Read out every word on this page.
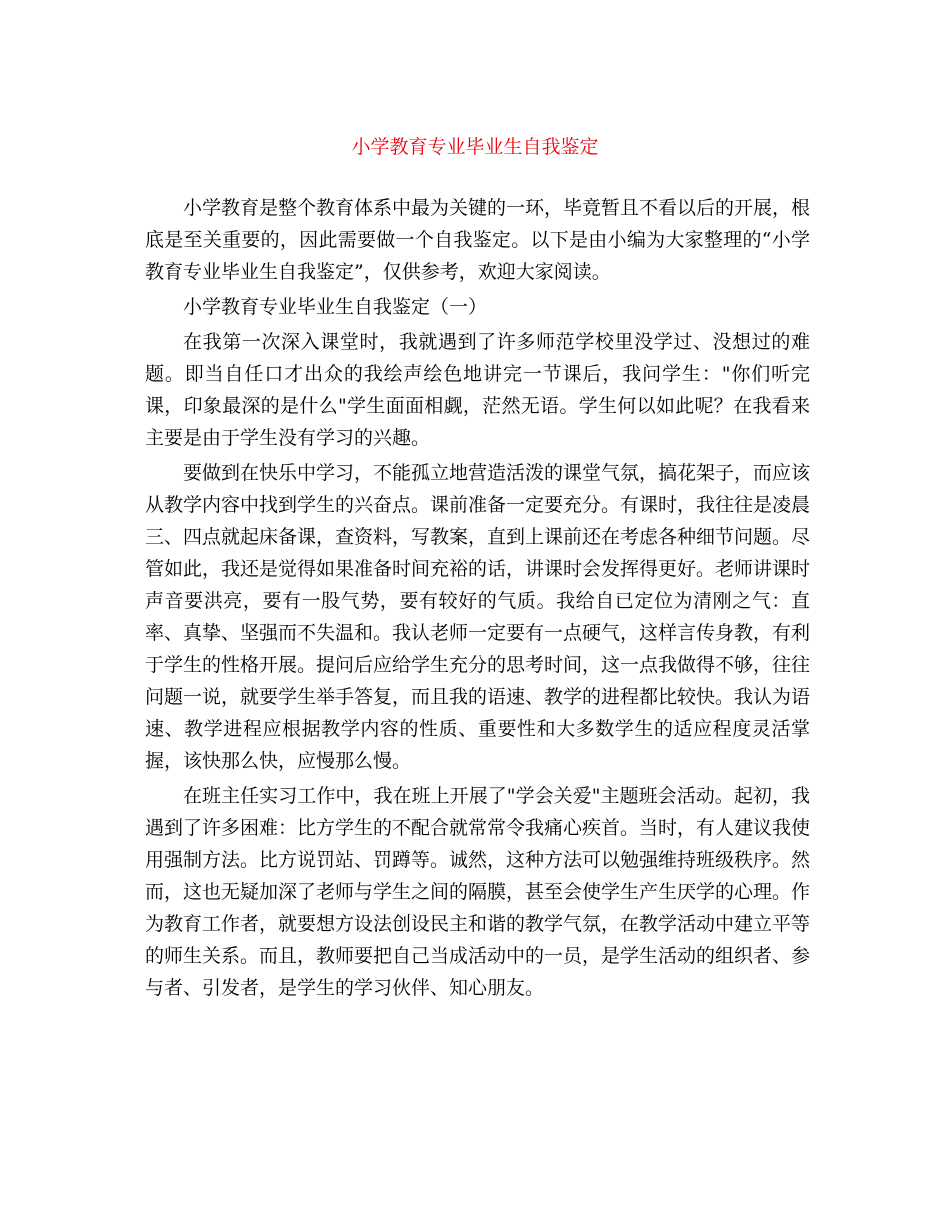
小学教育专业毕业生自我鉴定

小学教育是整个教育体系中最为关键的一环，毕竟暂且不看以后的开展，根底是至关重要的，因此需要做一个自我鉴定。以下是由小编为大家整理的“小学教育专业毕业生自我鉴定”，仅供参考，欢迎大家阅读。

小学教育专业毕业生自我鉴定（一）

在我第一次深入课堂时，我就遇到了许多师范学校里没学过、没想过的难题。即当自任口才出众的我绘声绘色地讲完一节课后，我问学生："你们听完课，印象最深的是什么"学生面面相觑，茫然无语。学生何以如此呢？在我看来主要是由于学生没有学习的兴趣。

要做到在快乐中学习，不能孤立地营造活泼的课堂气氛，搞花架子，而应该从教学内容中找到学生的兴奋点。课前准备一定要充分。有课时，我往往是凌晨三、四点就起床备课，查资料，写教案，直到上课前还在考虑各种细节问题。尽管如此，我还是觉得如果准备时间充裕的话，讲课时会发挥得更好。老师讲课时声音要洪亮，要有一股气势，要有较好的气质。我给自已定位为清刚之气：直率、真挚、坚强而不失温和。我认老师一定要有一点硬气，这样言传身教，有利于学生的性格开展。提问后应给学生充分的思考时间，这一点我做得不够，往往问题一说，就要学生举手答复，而且我的语速、教学的进程都比较快。我认为语速、教学进程应根据教学内容的性质、重要性和大多数学生的适应程度灵活掌握，该快那么快，应慢那么慢。

在班主任实习工作中，我在班上开展了"学会关爱"主题班会活动。起初，我遇到了许多困难：比方学生的不配合就常常令我痛心疾首。当时，有人建议我使用强制方法。比方说罚站、罚蹲等。诚然，这种方法可以勉强维持班级秩序。然而，这也无疑加深了老师与学生之间的隔膜，甚至会使学生产生厌学的心理。作为教育工作者，就要想方设法创设民主和谐的教学气氛，在教学活动中建立平等的师生关系。而且，教师要把自己当成活动中的一员，是学生活动的组织者、参与者、引发者，是学生的学习伙伴、知心朋友。
